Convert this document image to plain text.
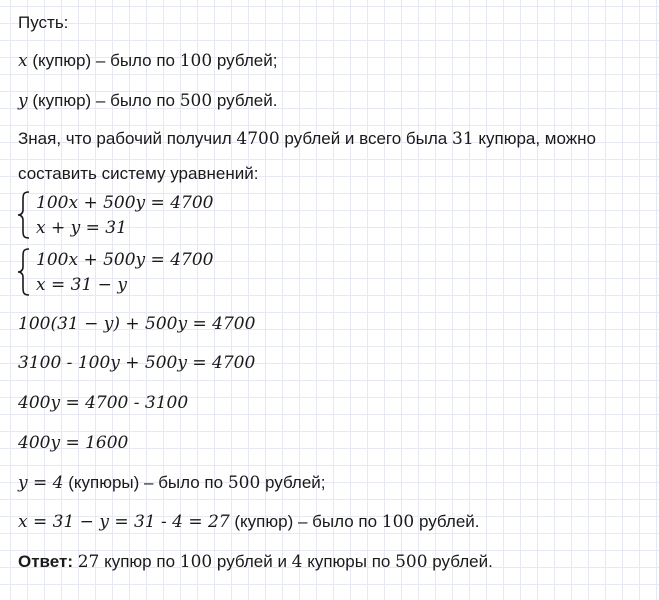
Пусть:
x (купюр) – было по 100 рублей;
y (купюр) – было по 500 рублей.
Зная, что рабочий получил 4700 рублей и всего была 31 купюра, можно
составить систему уравнений:
100x + 500y = 4700
x + y = 31
100x + 500y = 4700
x = 31 − y
100(31 − y) + 500y = 4700
3100 - 100y + 500y = 4700
400y = 4700 - 3100
400y = 1600
y = 4 (купюры) – было по 500 рублей;
x = 31 − y = 31 - 4 = 27 (купюр) – было по 100 рублей.
Ответ: 27 купюр по 100 рублей и 4 купюры по 500 рублей.
